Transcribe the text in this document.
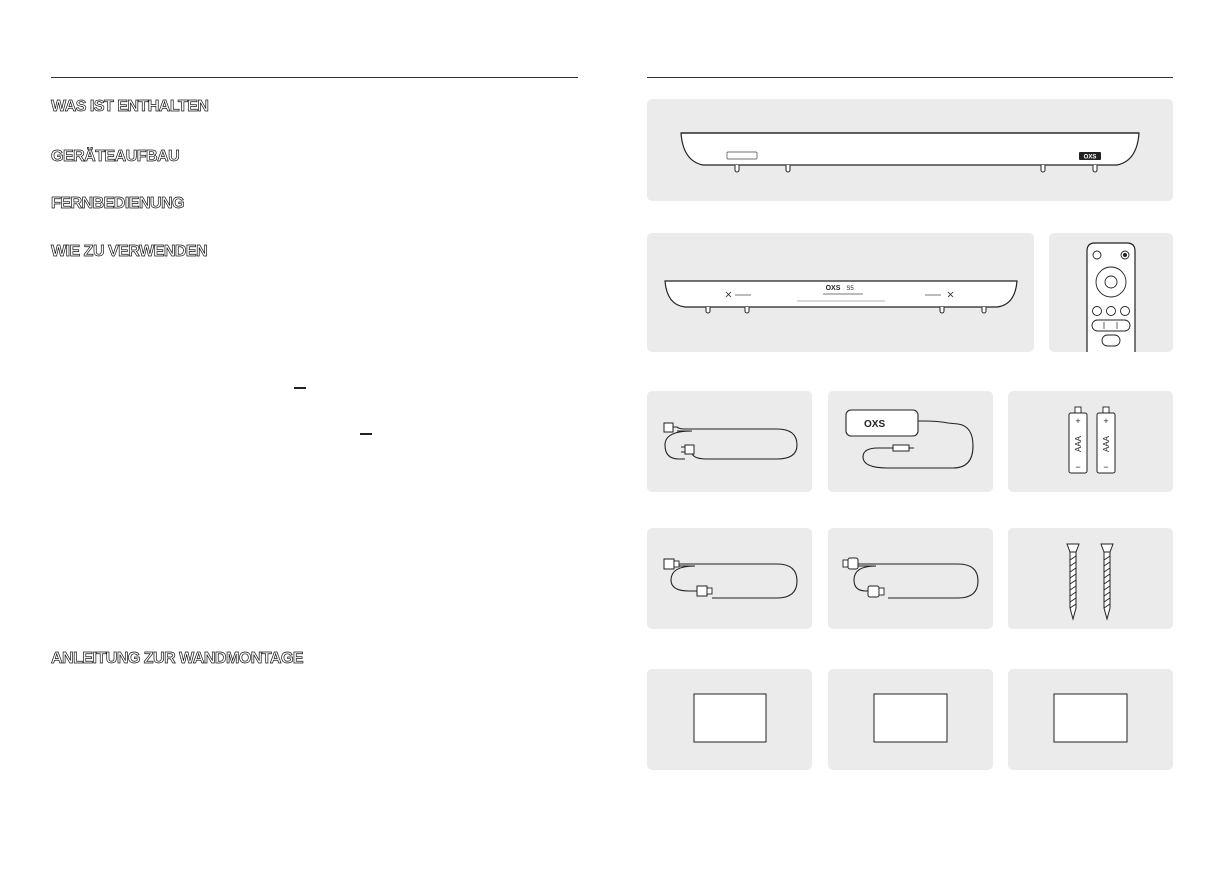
WAS IST ENTHALTEN
GERÄTEAUFBAU
FERNBEDIENUNG
WIE ZU VERWENDEN
ANLEITUNG ZUR WANDMONTAGE
OXS
OXS S5
OXS	+	+
AAA AAA
−	−
